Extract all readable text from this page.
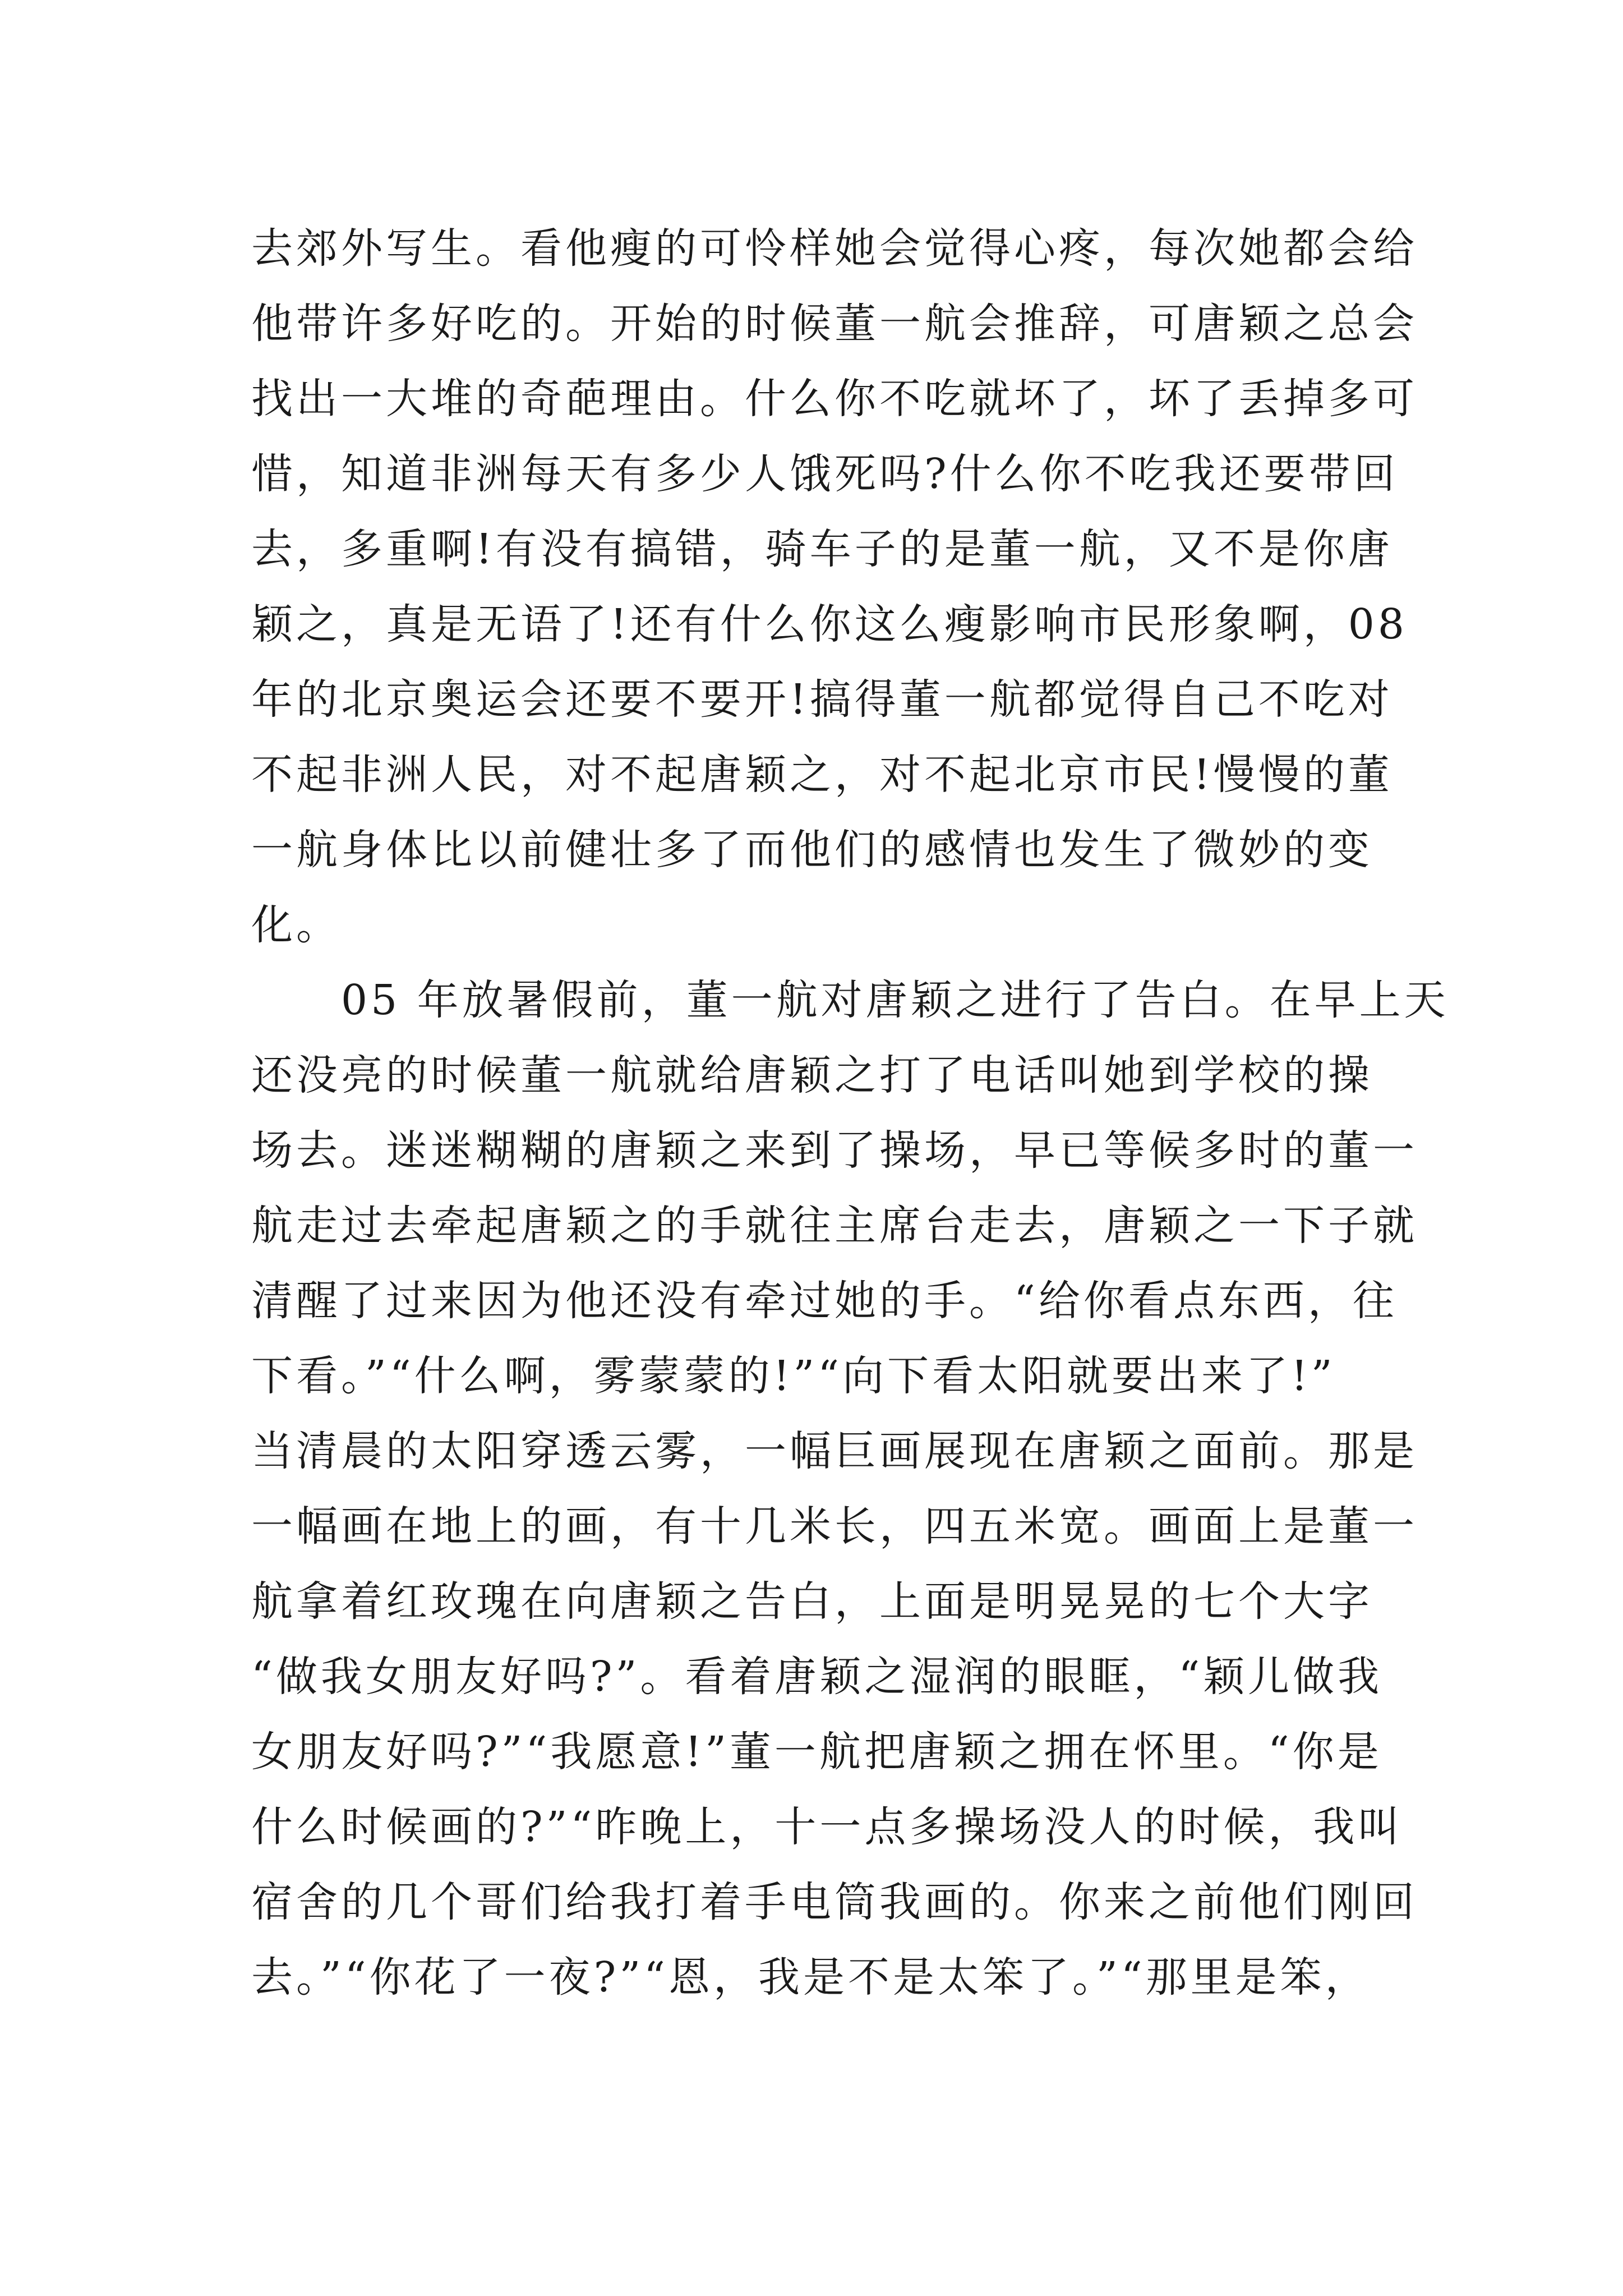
去郊外写生。看他瘦的可怜样她会觉得心疼，每次她都会给
他带许多好吃的。开始的时候董一航会推辞，可唐颖之总会
找出一大堆的奇葩理由。什么你不吃就坏了，坏了丢掉多可
惜，知道非洲每天有多少人饿死吗?什么你不吃我还要带回
去，多重啊!有没有搞错，骑车子的是董一航，又不是你唐
颖之，真是无语了!还有什么你这么瘦影响市民形象啊，08
年的北京奥运会还要不要开!搞得董一航都觉得自己不吃对
不起非洲人民，对不起唐颖之，对不起北京市民!慢慢的董
一航身体比以前健壮多了而他们的感情也发生了微妙的变
化。
　　05 年放暑假前，董一航对唐颖之进行了告白。在早上天
还没亮的时候董一航就给唐颖之打了电话叫她到学校的操
场去。迷迷糊糊的唐颖之来到了操场，早已等候多时的董一
航走过去牵起唐颖之的手就往主席台走去，唐颖之一下子就
清醒了过来因为他还没有牵过她的手。“给你看点东西，往
下看。”“什么啊，雾蒙蒙的!”“向下看太阳就要出来了!”
当清晨的太阳穿透云雾，一幅巨画展现在唐颖之面前。那是
一幅画在地上的画，有十几米长，四五米宽。画面上是董一
航拿着红玫瑰在向唐颖之告白，上面是明晃晃的七个大字
“做我女朋友好吗?”。看着唐颖之湿润的眼眶，“颖儿做我
女朋友好吗?”“我愿意!”董一航把唐颖之拥在怀里。“你是
什么时候画的?”“昨晚上，十一点多操场没人的时候，我叫
宿舍的几个哥们给我打着手电筒我画的。你来之前他们刚回
去。”“你花了一夜?”“恩，我是不是太笨了。”“那里是笨，
